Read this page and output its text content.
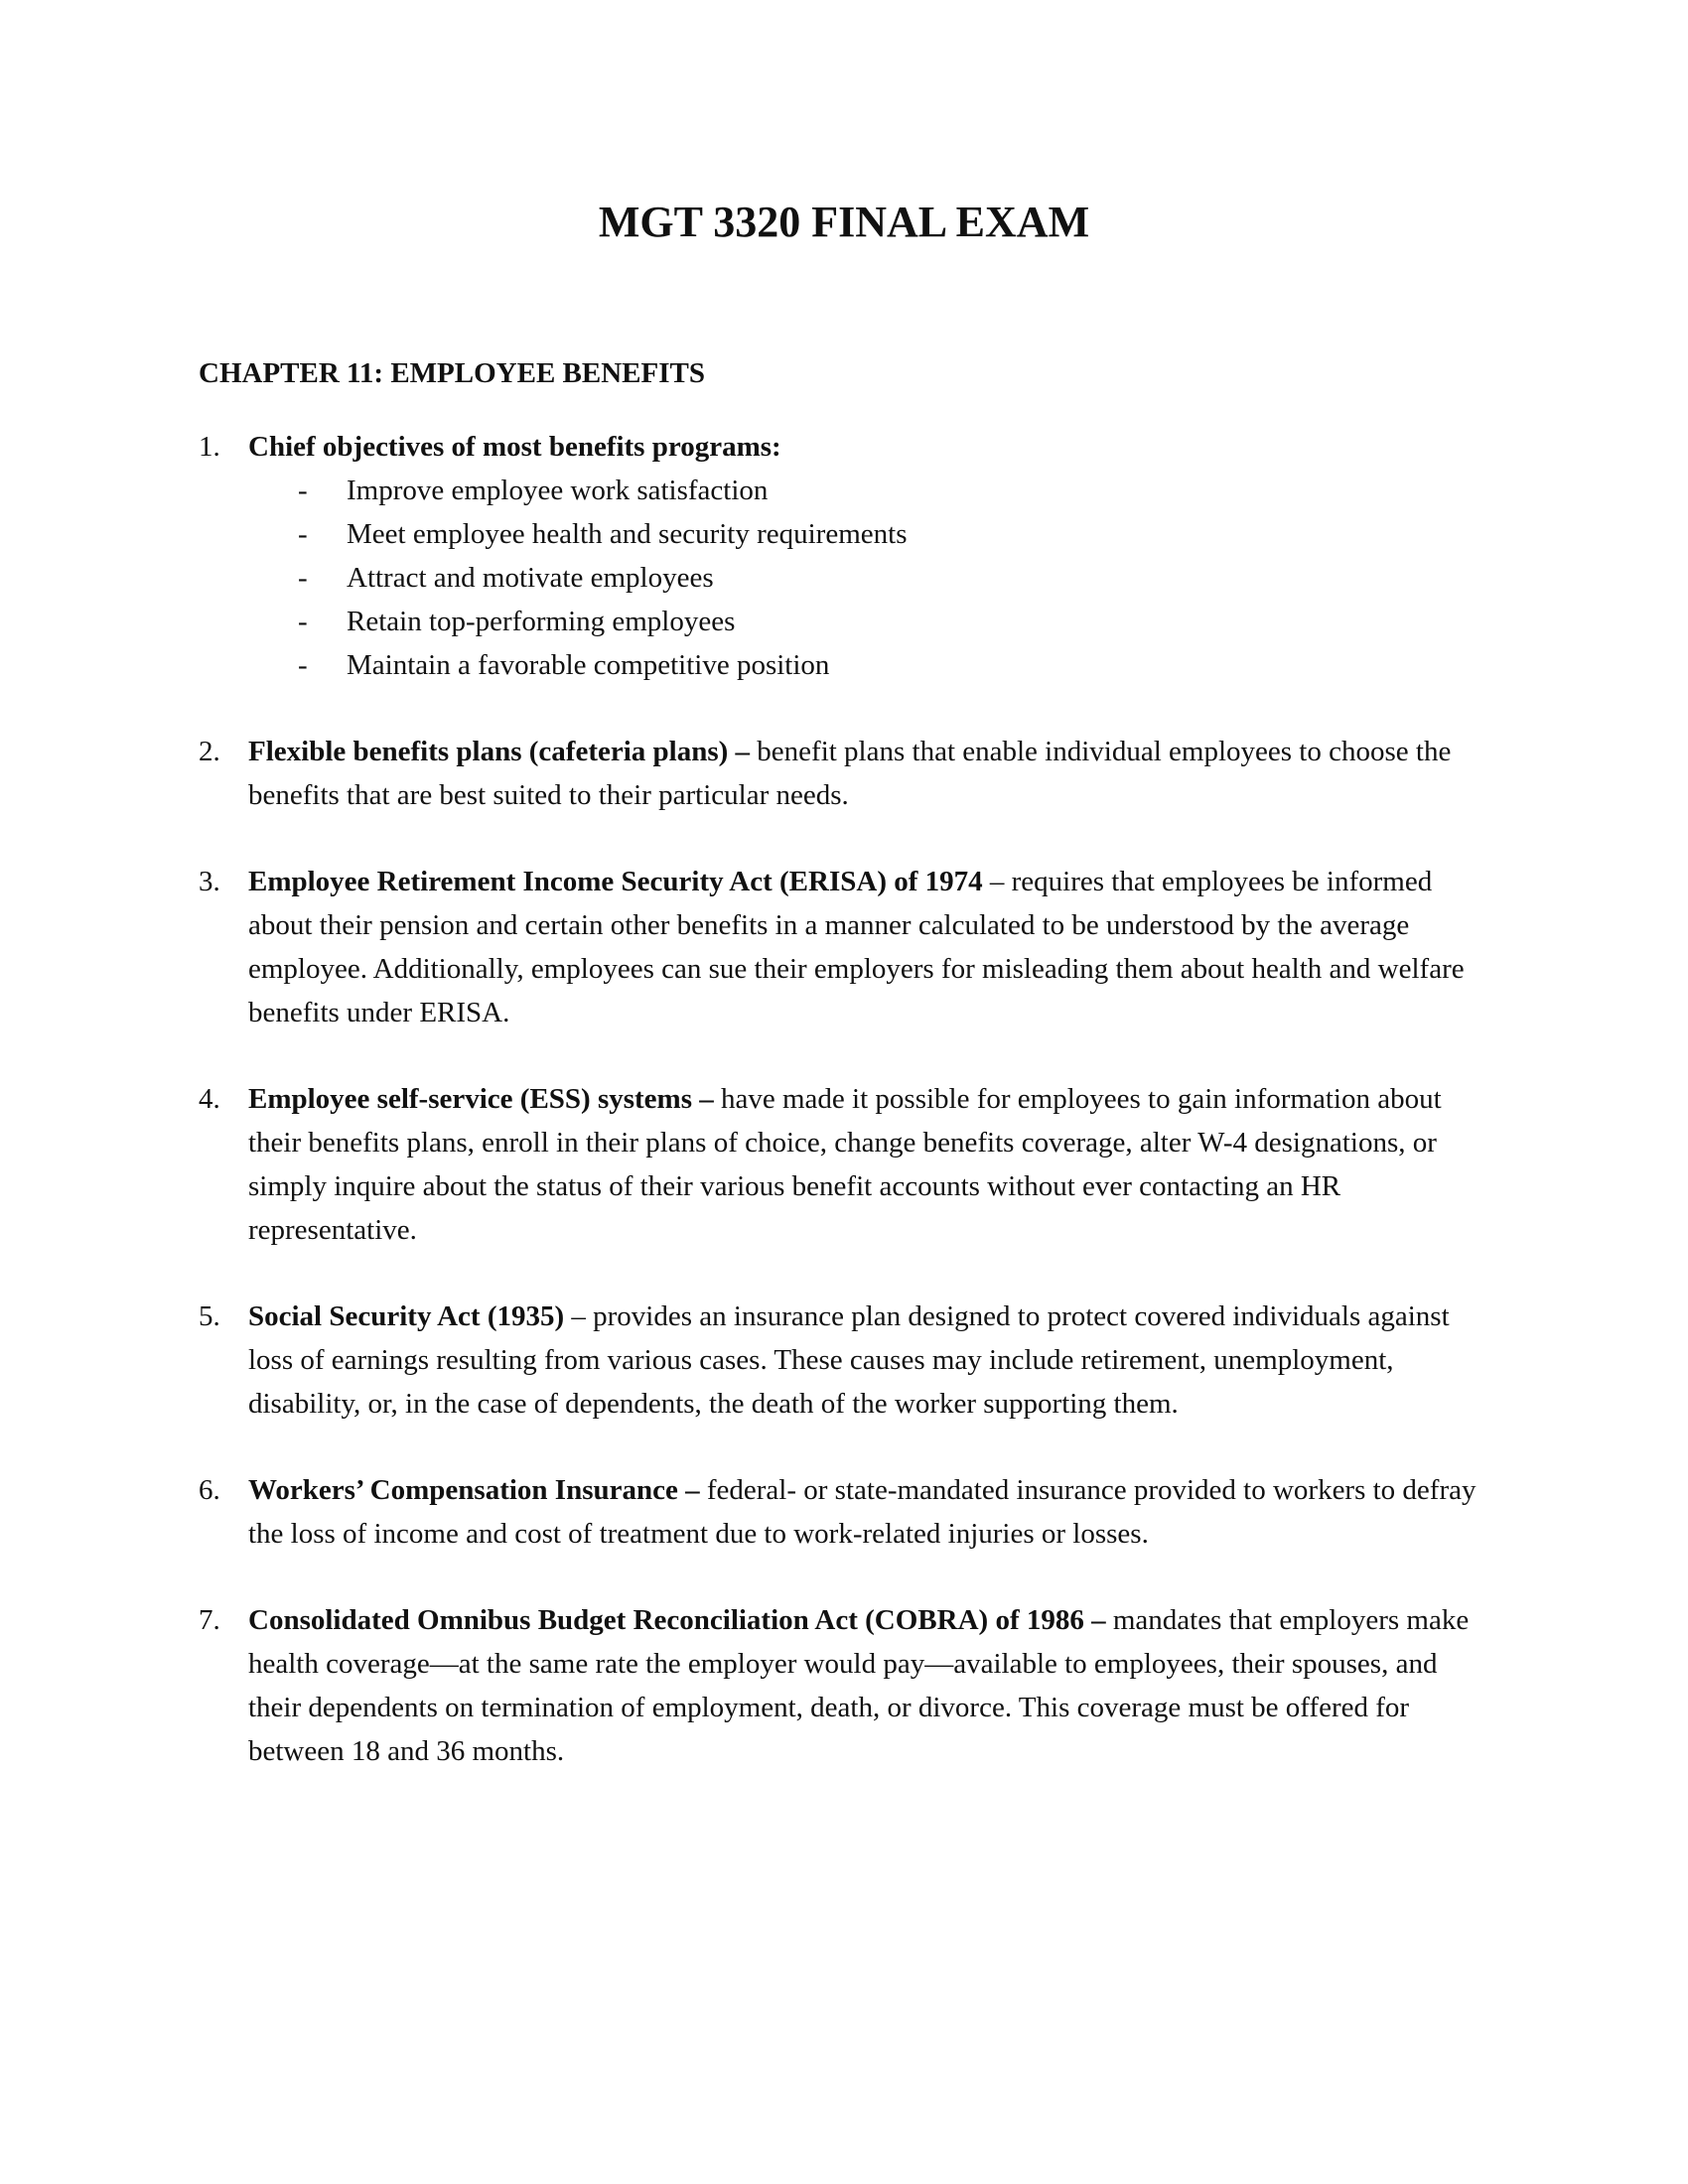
MGT 3320 FINAL EXAM
CHAPTER 11: EMPLOYEE BENEFITS
1. Chief objectives of most benefits programs:
- Improve employee work satisfaction
- Meet employee health and security requirements
- Attract and motivate employees
- Retain top-performing employees
- Maintain a favorable competitive position
2. Flexible benefits plans (cafeteria plans) – benefit plans that enable individual employees to choose the benefits that are best suited to their particular needs.
3. Employee Retirement Income Security Act (ERISA) of 1974 – requires that employees be informed about their pension and certain other benefits in a manner calculated to be understood by the average employee. Additionally, employees can sue their employers for misleading them about health and welfare benefits under ERISA.
4. Employee self-service (ESS) systems – have made it possible for employees to gain information about their benefits plans, enroll in their plans of choice, change benefits coverage, alter W-4 designations, or simply inquire about the status of their various benefit accounts without ever contacting an HR representative.
5. Social Security Act (1935) – provides an insurance plan designed to protect covered individuals against loss of earnings resulting from various cases. These causes may include retirement, unemployment, disability, or, in the case of dependents, the death of the worker supporting them.
6. Workers’ Compensation Insurance – federal- or state-mandated insurance provided to workers to defray the loss of income and cost of treatment due to work-related injuries or losses.
7. Consolidated Omnibus Budget Reconciliation Act (COBRA) of 1986 – mandates that employers make health coverage—at the same rate the employer would pay—available to employees, their spouses, and their dependents on termination of employment, death, or divorce. This coverage must be offered for between 18 and 36 months.
